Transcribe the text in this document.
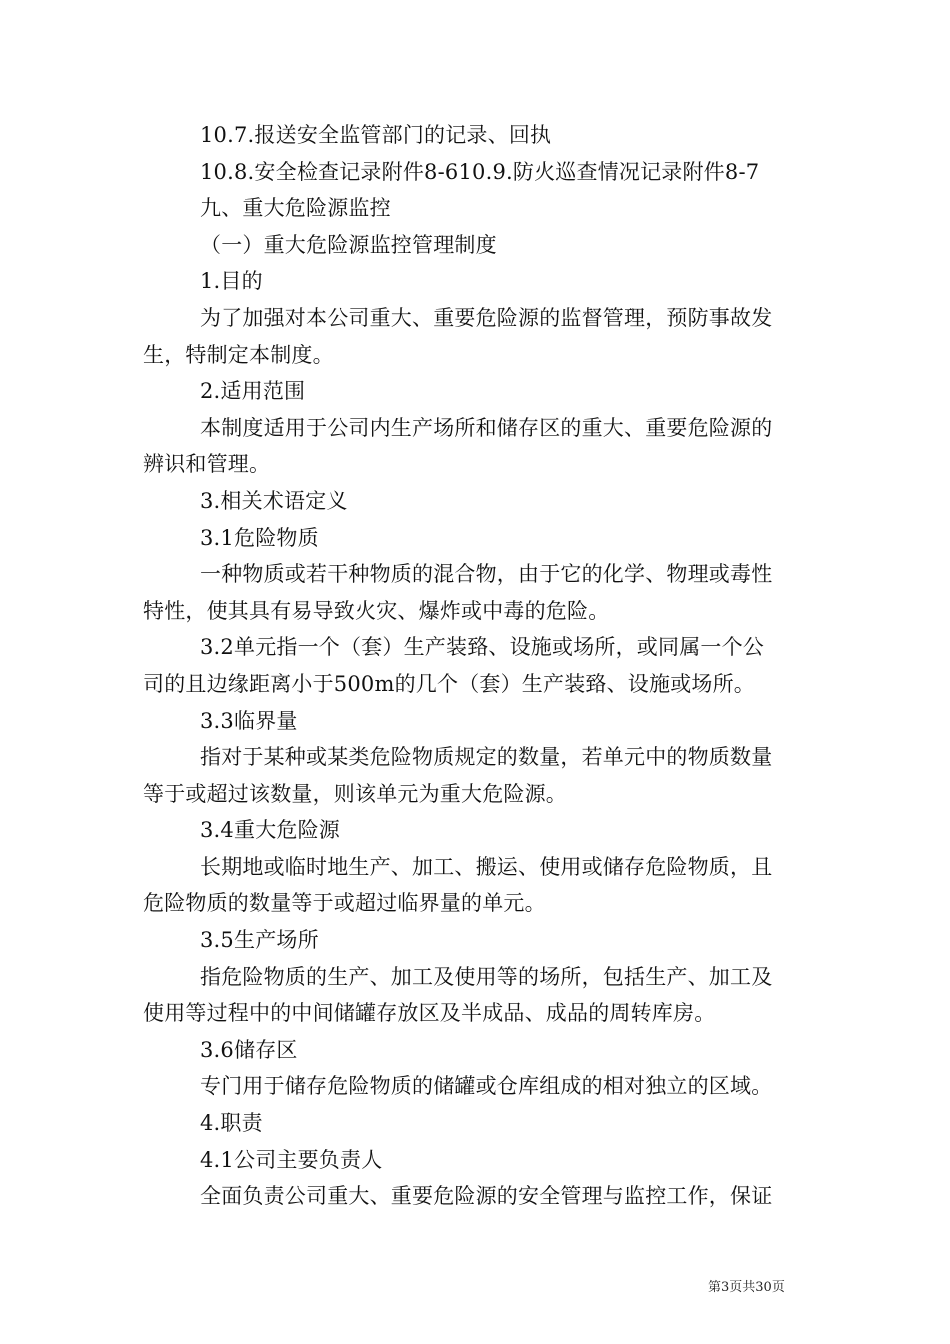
10.7.报送安全监管部门的记录、回执
10.8.安全检查记录附件8-610.9.防火巡查情况记录附件8-7
九、重大危险源监控
（一）重大危险源监控管理制度
1.目的
为了加强对本公司重大、重要危险源的监督管理，预防事故发
生，特制定本制度。
2.适用范围
本制度适用于公司内生产场所和储存区的重大、重要危险源的
辨识和管理。
3.相关术语定义
3.1危险物质
一种物质或若干种物质的混合物，由于它的化学、物理或毒性
特性，使其具有易导致火灾、爆炸或中毒的危险。
3.2单元指一个（套）生产装臵、设施或场所，或同属一个公
司的且边缘距离小于500m的几个（套）生产装臵、设施或场所。
3.3临界量
指对于某种或某类危险物质规定的数量，若单元中的物质数量
等于或超过该数量，则该单元为重大危险源。
3.4重大危险源
长期地或临时地生产、加工、搬运、使用或储存危险物质，且
危险物质的数量等于或超过临界量的单元。
3.5生产场所
指危险物质的生产、加工及使用等的场所，包括生产、加工及
使用等过程中的中间储罐存放区及半成品、成品的周转库房。
3.6储存区
专门用于储存危险物质的储罐或仓库组成的相对独立的区域。
4.职责
4.1公司主要负责人
全面负责公司重大、重要危险源的安全管理与监控工作，保证
第3页共30页
